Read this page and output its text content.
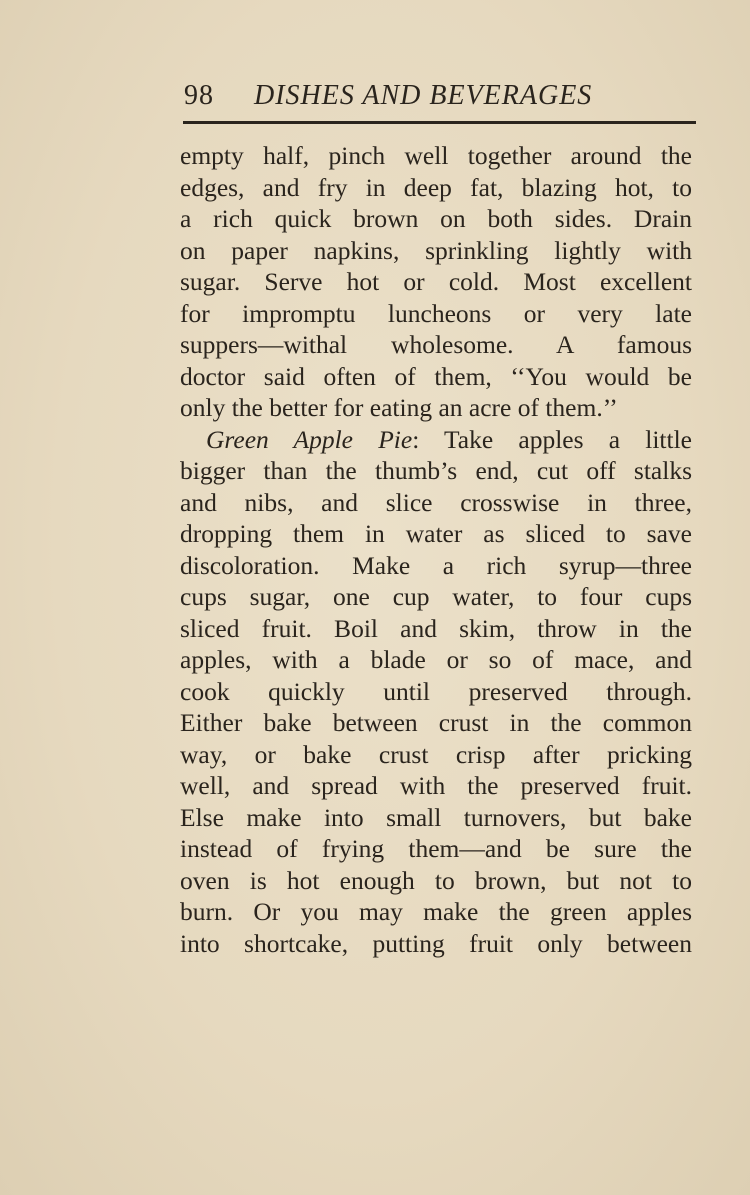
98 DISHES AND BEVERAGES
empty half, pinch well together around the
edges, and fry in deep fat, blazing hot, to
a rich quick brown on both sides. Drain
on paper napkins, sprinkling lightly with
sugar. Serve hot or cold. Most excellent
for impromptu luncheons or very late
suppers—withal wholesome. A famous
doctor said often of them, ‘‘You would be
only the better for eating an acre of them.’’
Green Apple Pie: Take apples a little
bigger than the thumb’s end, cut off stalks
and nibs, and slice crosswise in three,
dropping them in water as sliced to save
discoloration. Make a rich syrup—three
cups sugar, one cup water, to four cups
sliced fruit. Boil and skim, throw in the
apples, with a blade or so of mace, and
cook quickly until preserved through.
Either bake between crust in the common
way, or bake crust crisp after pricking
well, and spread with the preserved fruit.
Else make into small turnovers, but bake
instead of frying them—and be sure the
oven is hot enough to brown, but not to
burn. Or you may make the green apples
into shortcake, putting fruit only between
